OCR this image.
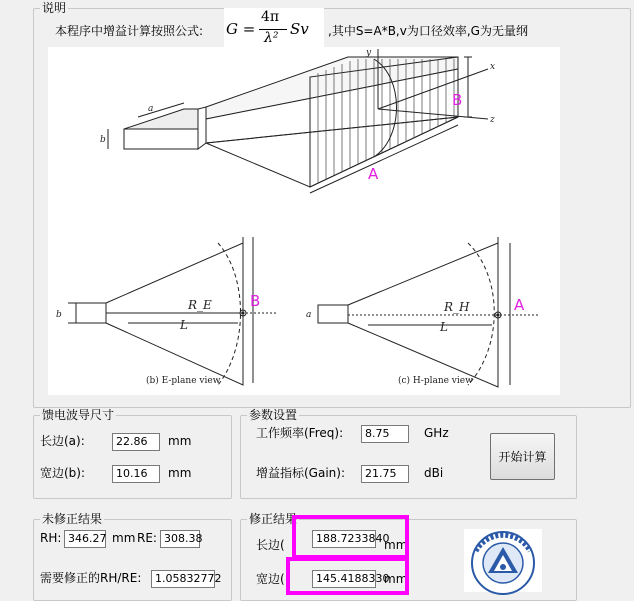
说明
本程序中增益计算按照公式: G =
4π
λ² Sv ,其中S=A*B,v为口径效率,G为无量纲
a
b
x
y
z
B
A
b
R_E
L
(b) E-plane view
B
a
R_H
L
(c) H-plane view
A
馈电波导尺寸
长边(a):	22.86	mm
宽边(b):	10.16	mm
参数设置
工作频率(Freq):	8.75	GHz
增益指标(Gain):	21.75	dBi
开始计算
未修正结果
RH: 346.27 mm RE: 308.38
需要修正的RH/RE:	1.05832772
修正结果
长边(	188.7233840
mm
宽边(	145.4188330
mm
